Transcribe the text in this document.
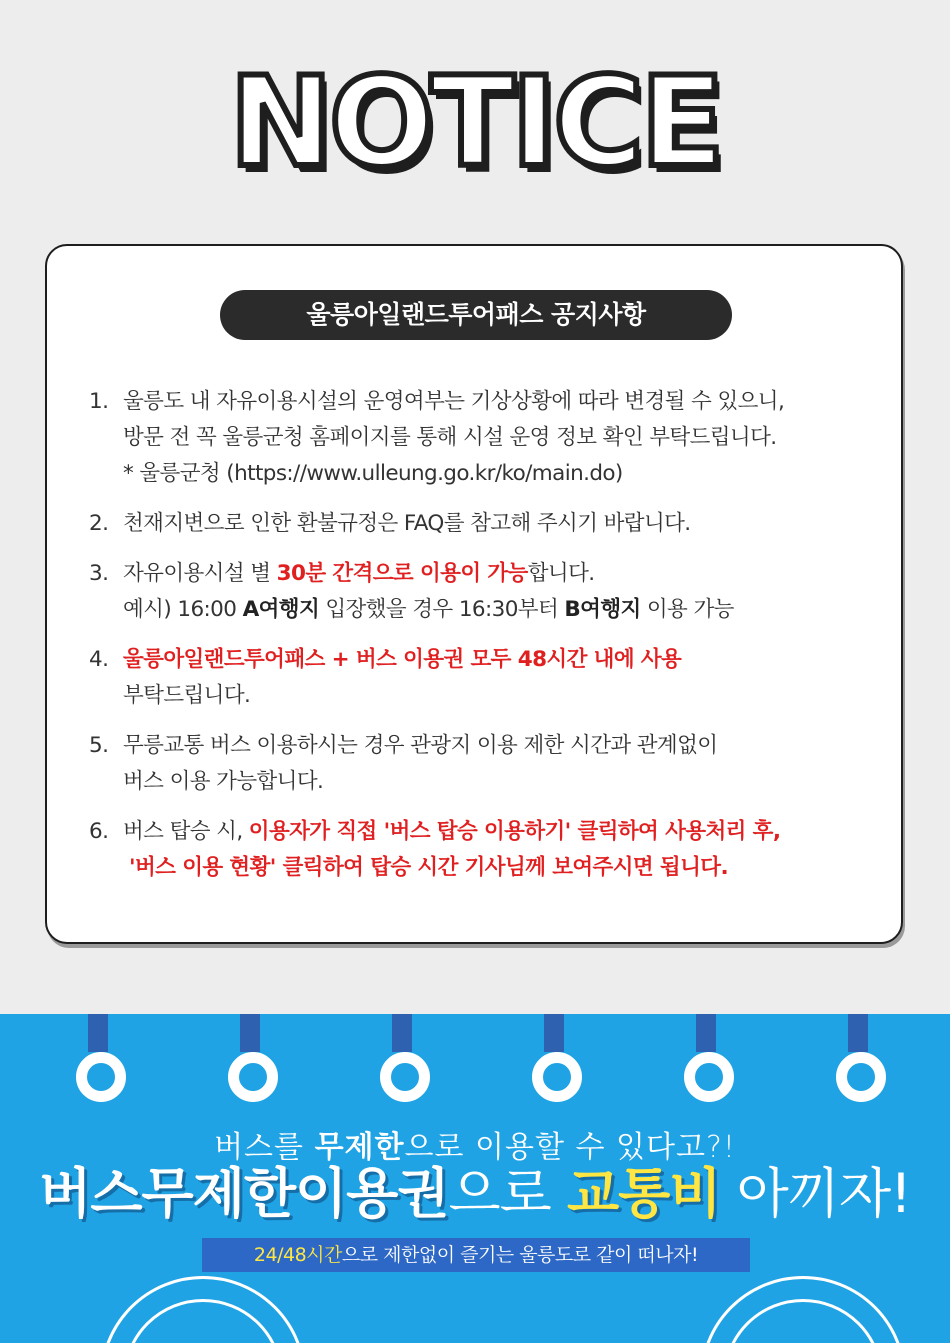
NOTICE
울릉아일랜드투어패스 공지사항
1. 울릉도 내 자유이용시설의 운영여부는 기상상황에 따라 변경될 수 있으니,
방문 전 꼭 울릉군청 홈페이지를 통해 시설 운영 정보 확인 부탁드립니다.
* 울릉군청 (https://www.ulleung.go.kr/ko/main.do)
2. 천재지변으로 인한 환불규정은 FAQ를 참고해 주시기 바랍니다.
3. 자유이용시설 별 30분 간격으로 이용이 가능합니다.
예시) 16:00 A여행지 입장했을 경우 16:30부터 B여행지 이용 가능
4. 울릉아일랜드투어패스 + 버스 이용권 모두 48시간 내에 사용
부탁드립니다.
5. 무릉교통 버스 이용하시는 경우 관광지 이용 제한 시간과 관계없이
버스 이용 가능합니다.
6. 버스 탑승 시, 이용자가 직접 '버스 탑승 이용하기' 클릭하여 사용처리 후,
'버스 이용 현황' 클릭하여 탑승 시간 기사님께 보여주시면 됩니다.
버스를 무제한으로 이용할 수 있다고?!
버스무제한이용권으로 교통비 아끼자!
24/48시간으로 제한없이 즐기는 울릉도로 같이 떠나자!
